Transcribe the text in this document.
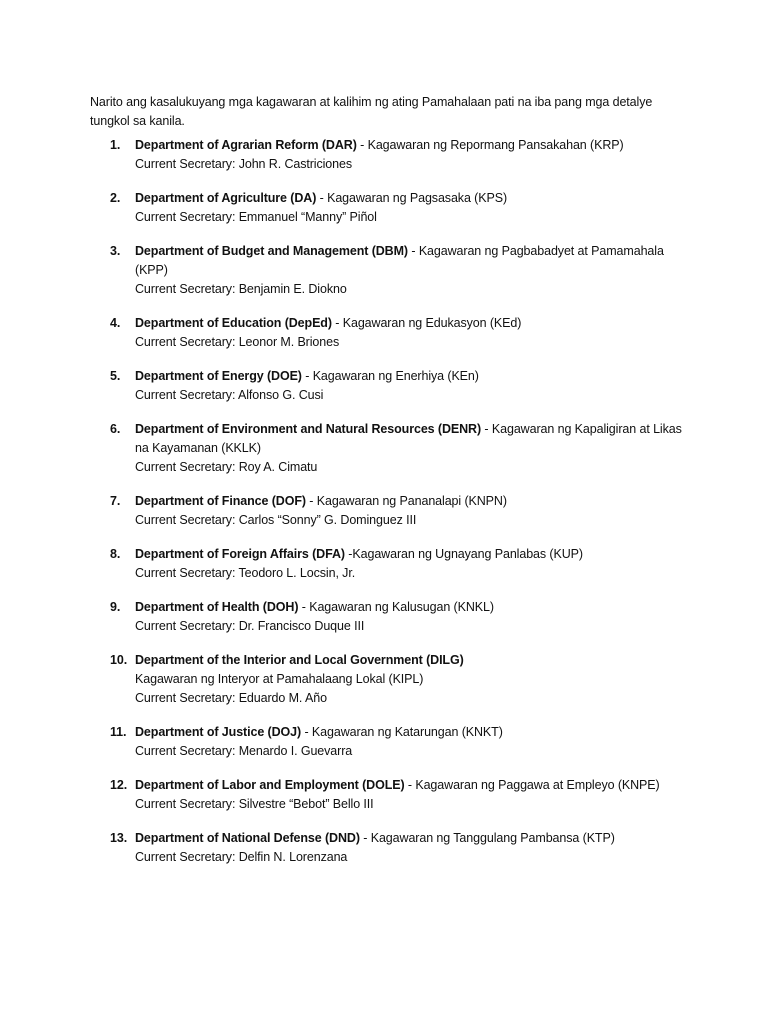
Narito ang kasalukuyang mga kagawaran at kalihim ng ating Pamahalaan pati na iba pang mga detalye tungkol sa kanila.

1.	Department of Agrarian Reform (DAR) - Kagawaran ng Repormang Pansakahan (KRP)
Current Secretary: John R. Castriciones
2.	Department of Agriculture (DA) - Kagawaran ng Pagsasaka (KPS)
Current Secretary: Emmanuel “Manny” Piñol
3.	Department of Budget and Management (DBM) - Kagawaran ng Pagbabadyet at Pamamahala (KPP)
Current Secretary: Benjamin E. Diokno
4.	Department of Education (DepEd) - Kagawaran ng Edukasyon (KEd)
Current Secretary: Leonor M. Briones
5.	Department of Energy (DOE) - Kagawaran ng Enerhiya (KEn)
Current Secretary: Alfonso G. Cusi
6.	Department of Environment and Natural Resources (DENR) - Kagawaran ng Kapaligiran at Likas na Kayamanan (KKLK)
Current Secretary: Roy A. Cimatu
7.	Department of Finance (DOF) - Kagawaran ng Pananalapi (KNPN)
Current Secretary: Carlos “Sonny” G. Dominguez III
8.	Department of Foreign Affairs (DFA) -Kagawaran ng Ugnayang Panlabas (KUP)
Current Secretary: Teodoro L. Locsin, Jr.
9.	Department of Health (DOH) - Kagawaran ng Kalusugan (KNKL)
Current Secretary: Dr. Francisco Duque III
10. Department of the Interior and Local Government (DILG)
Kagawaran ng Interyor at Pamahalaang Lokal (KIPL)
Current Secretary: Eduardo M. Año
11. Department of Justice (DOJ) - Kagawaran ng Katarungan (KNKT)
Current Secretary: Menardo I. Guevarra
12. Department of Labor and Employment (DOLE) - Kagawaran ng Paggawa at Empleyo (KNPE)
Current Secretary: Silvestre “Bebot” Bello III
13. Department of National Defense (DND) - Kagawaran ng Tanggulang Pambansa (KTP)
Current Secretary: Delfin N. Lorenzana
